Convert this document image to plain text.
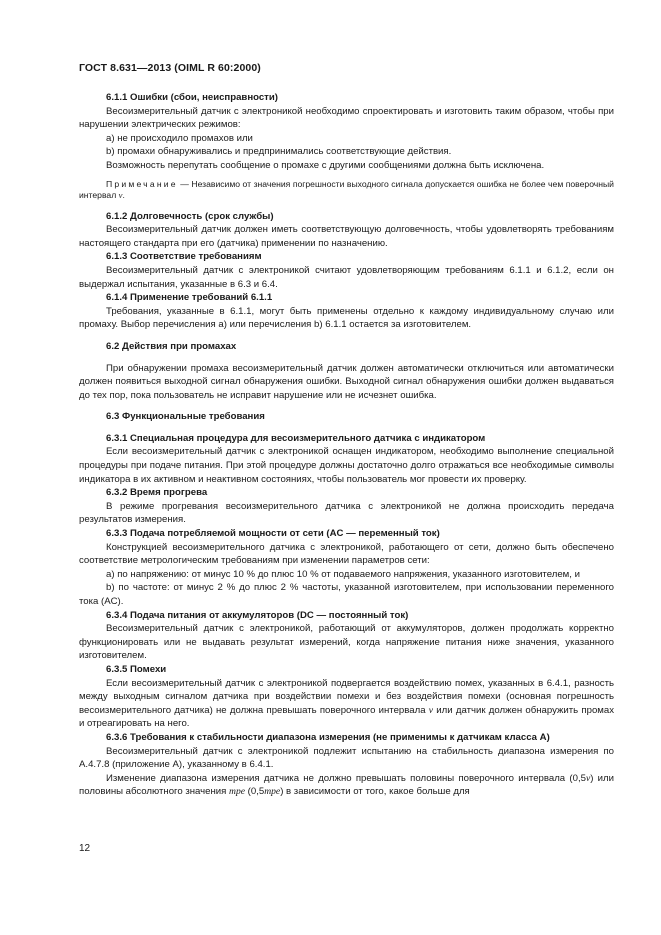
ГОСТ 8.631—2013 (OIML R 60:2000)

6.1.1 Ошибки (сбои, неисправности)

Весоизмерительный датчик с электроникой необходимо спроектировать и изготовить таким образом, чтобы при нарушении электрических режимов:

а) не происходило промахов или

b) промахи обнаруживались и предпринимались соответствующие действия.

Возможность перепутать сообщение о промахе с другими сообщениями должна быть исключена.

Примечание — Независимо от значения погрешности выходного сигнала допускается ошибка не более чем поверочный интервал v.

6.1.2 Долговечность (срок службы)

Весоизмерительный датчик должен иметь соответствующую долговечность, чтобы удовлетворять требованиям настоящего стандарта при его (датчика) применении по назначению.

6.1.3 Соответствие требованиям

Весоизмерительный датчик с электроникой считают удовлетворяющим требованиям 6.1.1 и 6.1.2, если он выдержал испытания, указанные в 6.3 и 6.4.

6.1.4 Применение требований 6.1.1

Требования, указанные в 6.1.1, могут быть применены отдельно к каждому индивидуальному случаю или промаху. Выбор перечисления а) или перечисления b) 6.1.1 остается за изготовителем.

6.2 Действия при промахах

При обнаружении промаха весоизмерительный датчик должен автоматически отключиться или автоматически должен появиться выходной сигнал обнаружения ошибки. Выходной сигнал обнаружения ошибки должен выдаваться до тех пор, пока пользователь не исправит нарушение или не исчезнет ошибка.

6.3 Функциональные требования

6.3.1 Специальная процедура для весоизмерительного датчика с индикатором

Если весоизмерительный датчик с электроникой оснащен индикатором, необходимо выполнение специальной процедуры при подаче питания. При этой процедуре должны достаточно долго отражаться все необходимые символы индикатора в их активном и неактивном состояниях, чтобы пользователь мог провести их проверку.

6.3.2 Время прогрева

В режиме прогревания весоизмерительного датчика с электроникой не должна происходить передача результатов измерения.

6.3.3 Подача потребляемой мощности от сети (AC — переменный ток)

Конструкцией весоизмерительного датчика с электроникой, работающего от сети, должно быть обеспечено соответствие метрологическим требованиям при изменении параметров сети:

а) по напряжению: от минус 10 % до плюс 10 % от подаваемого напряжения, указанного изготовителем, и

b) по частоте: от минус 2 % до плюс 2 % частоты, указанной изготовителем, при использовании переменного тока (AC).

6.3.4 Подача питания от аккумуляторов (DC — постоянный ток)

Весоизмерительный датчик с электроникой, работающий от аккумуляторов, должен продолжать корректно функционировать или не выдавать результат измерений, когда напряжение питания ниже значения, указанного изготовителем.

6.3.5 Помехи

Если весоизмерительный датчик с электроникой подвергается воздействию помех, указанных в 6.4.1, разность между выходным сигналом датчика при воздействии помехи и без воздействия помехи (основная погрешность весоизмерительного датчика) не должна превышать поверочного интервала v или датчик должен обнаружить промах и отреагировать на него.

6.3.6 Требования к стабильности диапазона измерения (не применимы к датчикам класса А)

Весоизмерительный датчик с электроникой подлежит испытанию на стабильность диапазона измерения по А.4.7.8 (приложение А), указанному в 6.4.1.

Изменение диапазона измерения датчика не должно превышать половины поверочного интервала (0,5v) или половины абсолютного значения mpe (0,5mpe) в зависимости от того, какое больше для

12
